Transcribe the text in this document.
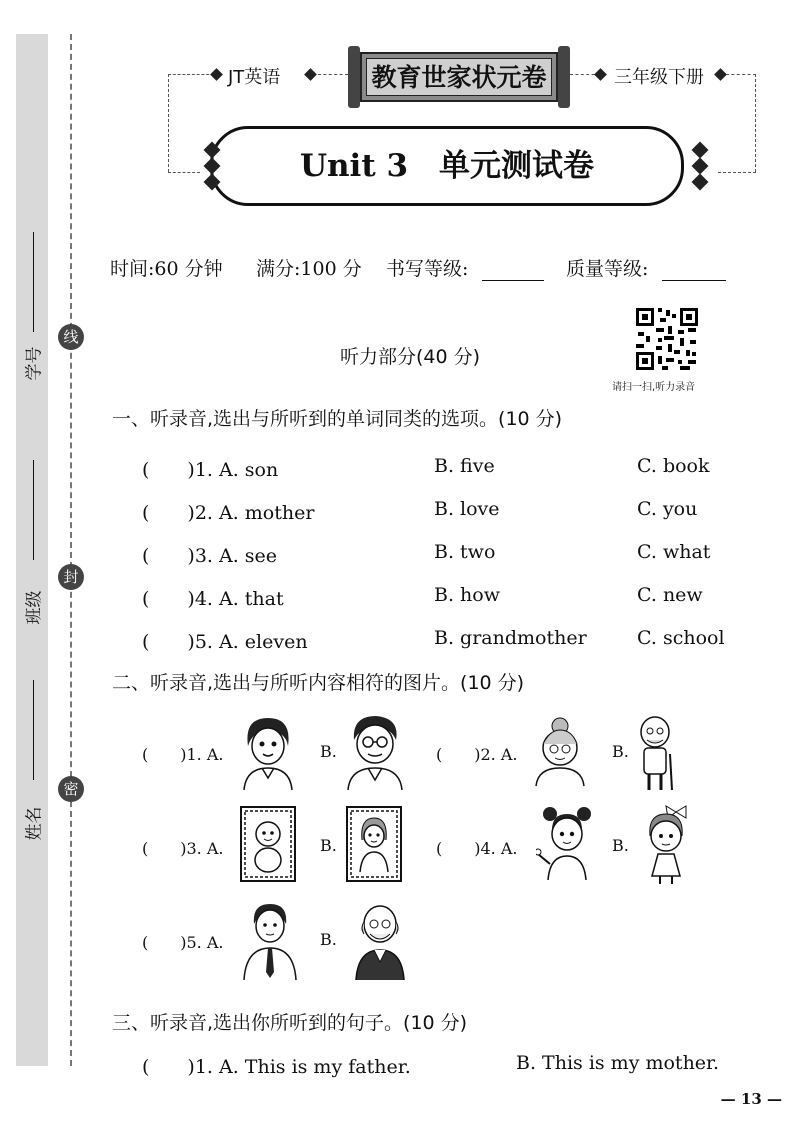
学号
班级
姓名
线
封
密
JT英语	教育世家状元卷	三年级下册
Unit 3　单元测试卷
时间:60 分钟 满分:100 分 书写等级:	质量等级:
听力部分(40 分)
请扫一扫,听力录音
一、听录音,选出与所听到的单词同类的选项。(10 分)
(　　)1. A. son	B. five	C. book
(　　)2. A. mother	B. love	C. you
(　　)3. A. see	B. two	C. what
(　　)4. A. that	B. how	C. new
(　　)5. A. eleven	B. grandmother	C. school
二、听录音,选出与所听内容相符的图片。(10 分)
(　　)1. A.	B.	(　　)2. A.	B.
(　　)3. A.	B.	(　　)4. A.	B.
(　　)5. A.	B.
三、听录音,选出你所听到的句子。(10 分)
(　　)1. A. This is my father.	B. This is my mother.
— 13 —
